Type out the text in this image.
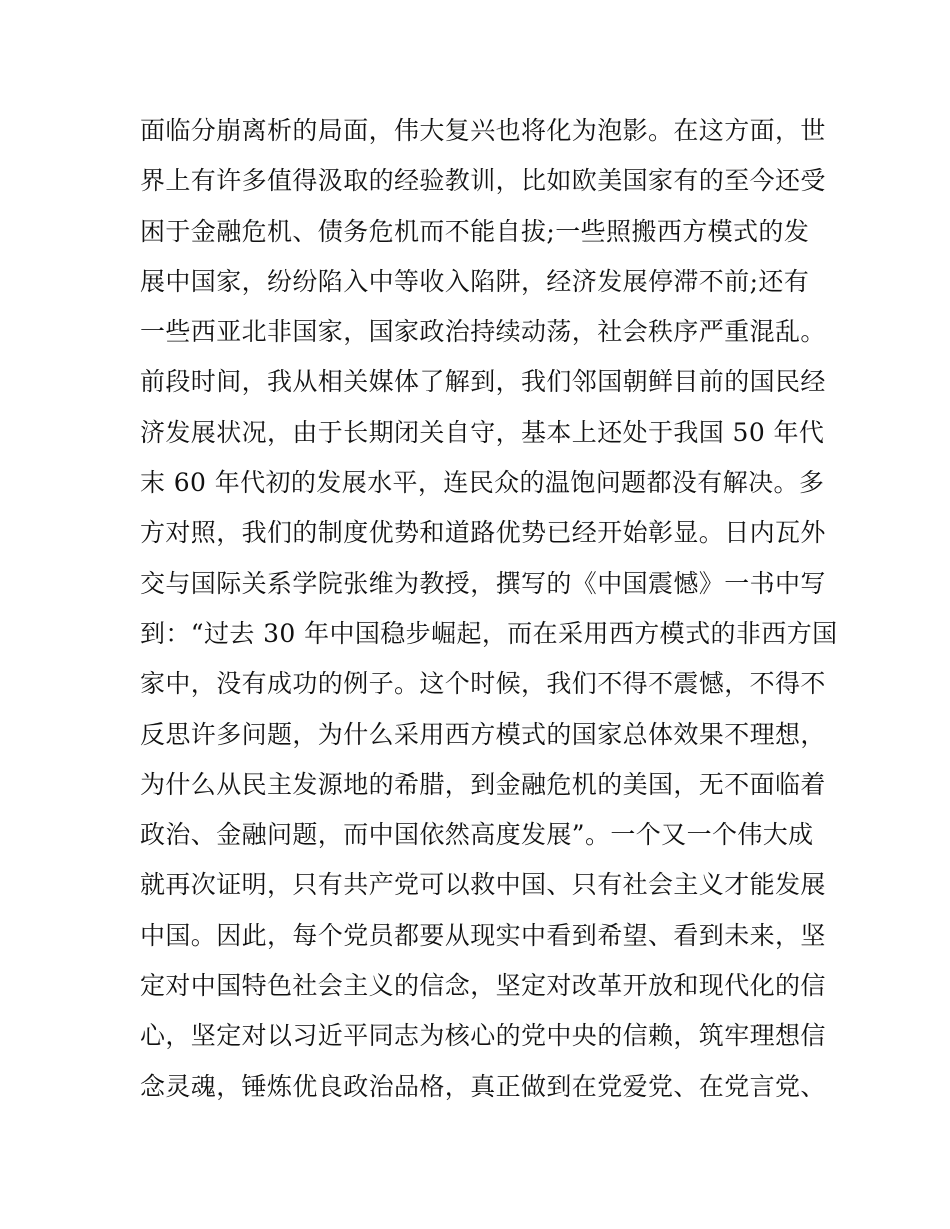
面临分崩离析的局面，伟大复兴也将化为泡影。在这方面，世
界上有许多值得汲取的经验教训，比如欧美国家有的至今还受
困于金融危机、债务危机而不能自拔;一些照搬西方模式的发
展中国家，纷纷陷入中等收入陷阱，经济发展停滞不前;还有
一些西亚北非国家，国家政治持续动荡，社会秩序严重混乱。
前段时间，我从相关媒体了解到，我们邻国朝鲜目前的国民经
济发展状况，由于长期闭关自守，基本上还处于我国 50 年代
末 60 年代初的发展水平，连民众的温饱问题都没有解决。多
方对照，我们的制度优势和道路优势已经开始彰显。日内瓦外
交与国际关系学院张维为教授，撰写的《中国震憾》一书中写
到：“过去 30 年中国稳步崛起，而在采用西方模式的非西方国
家中，没有成功的例子。这个时候，我们不得不震憾，不得不
反思许多问题，为什么采用西方模式的国家总体效果不理想，
为什么从民主发源地的希腊，到金融危机的美国，无不面临着
政治、金融问题，而中国依然高度发展”。一个又一个伟大成
就再次证明，只有共产党可以救中国、只有社会主义才能发展
中国。因此，每个党员都要从现实中看到希望、看到未来，坚
定对中国特色社会主义的信念，坚定对改革开放和现代化的信
心，坚定对以习近平同志为核心的党中央的信赖，筑牢理想信
念灵魂，锤炼优良政治品格，真正做到在党爱党、在党言党、
